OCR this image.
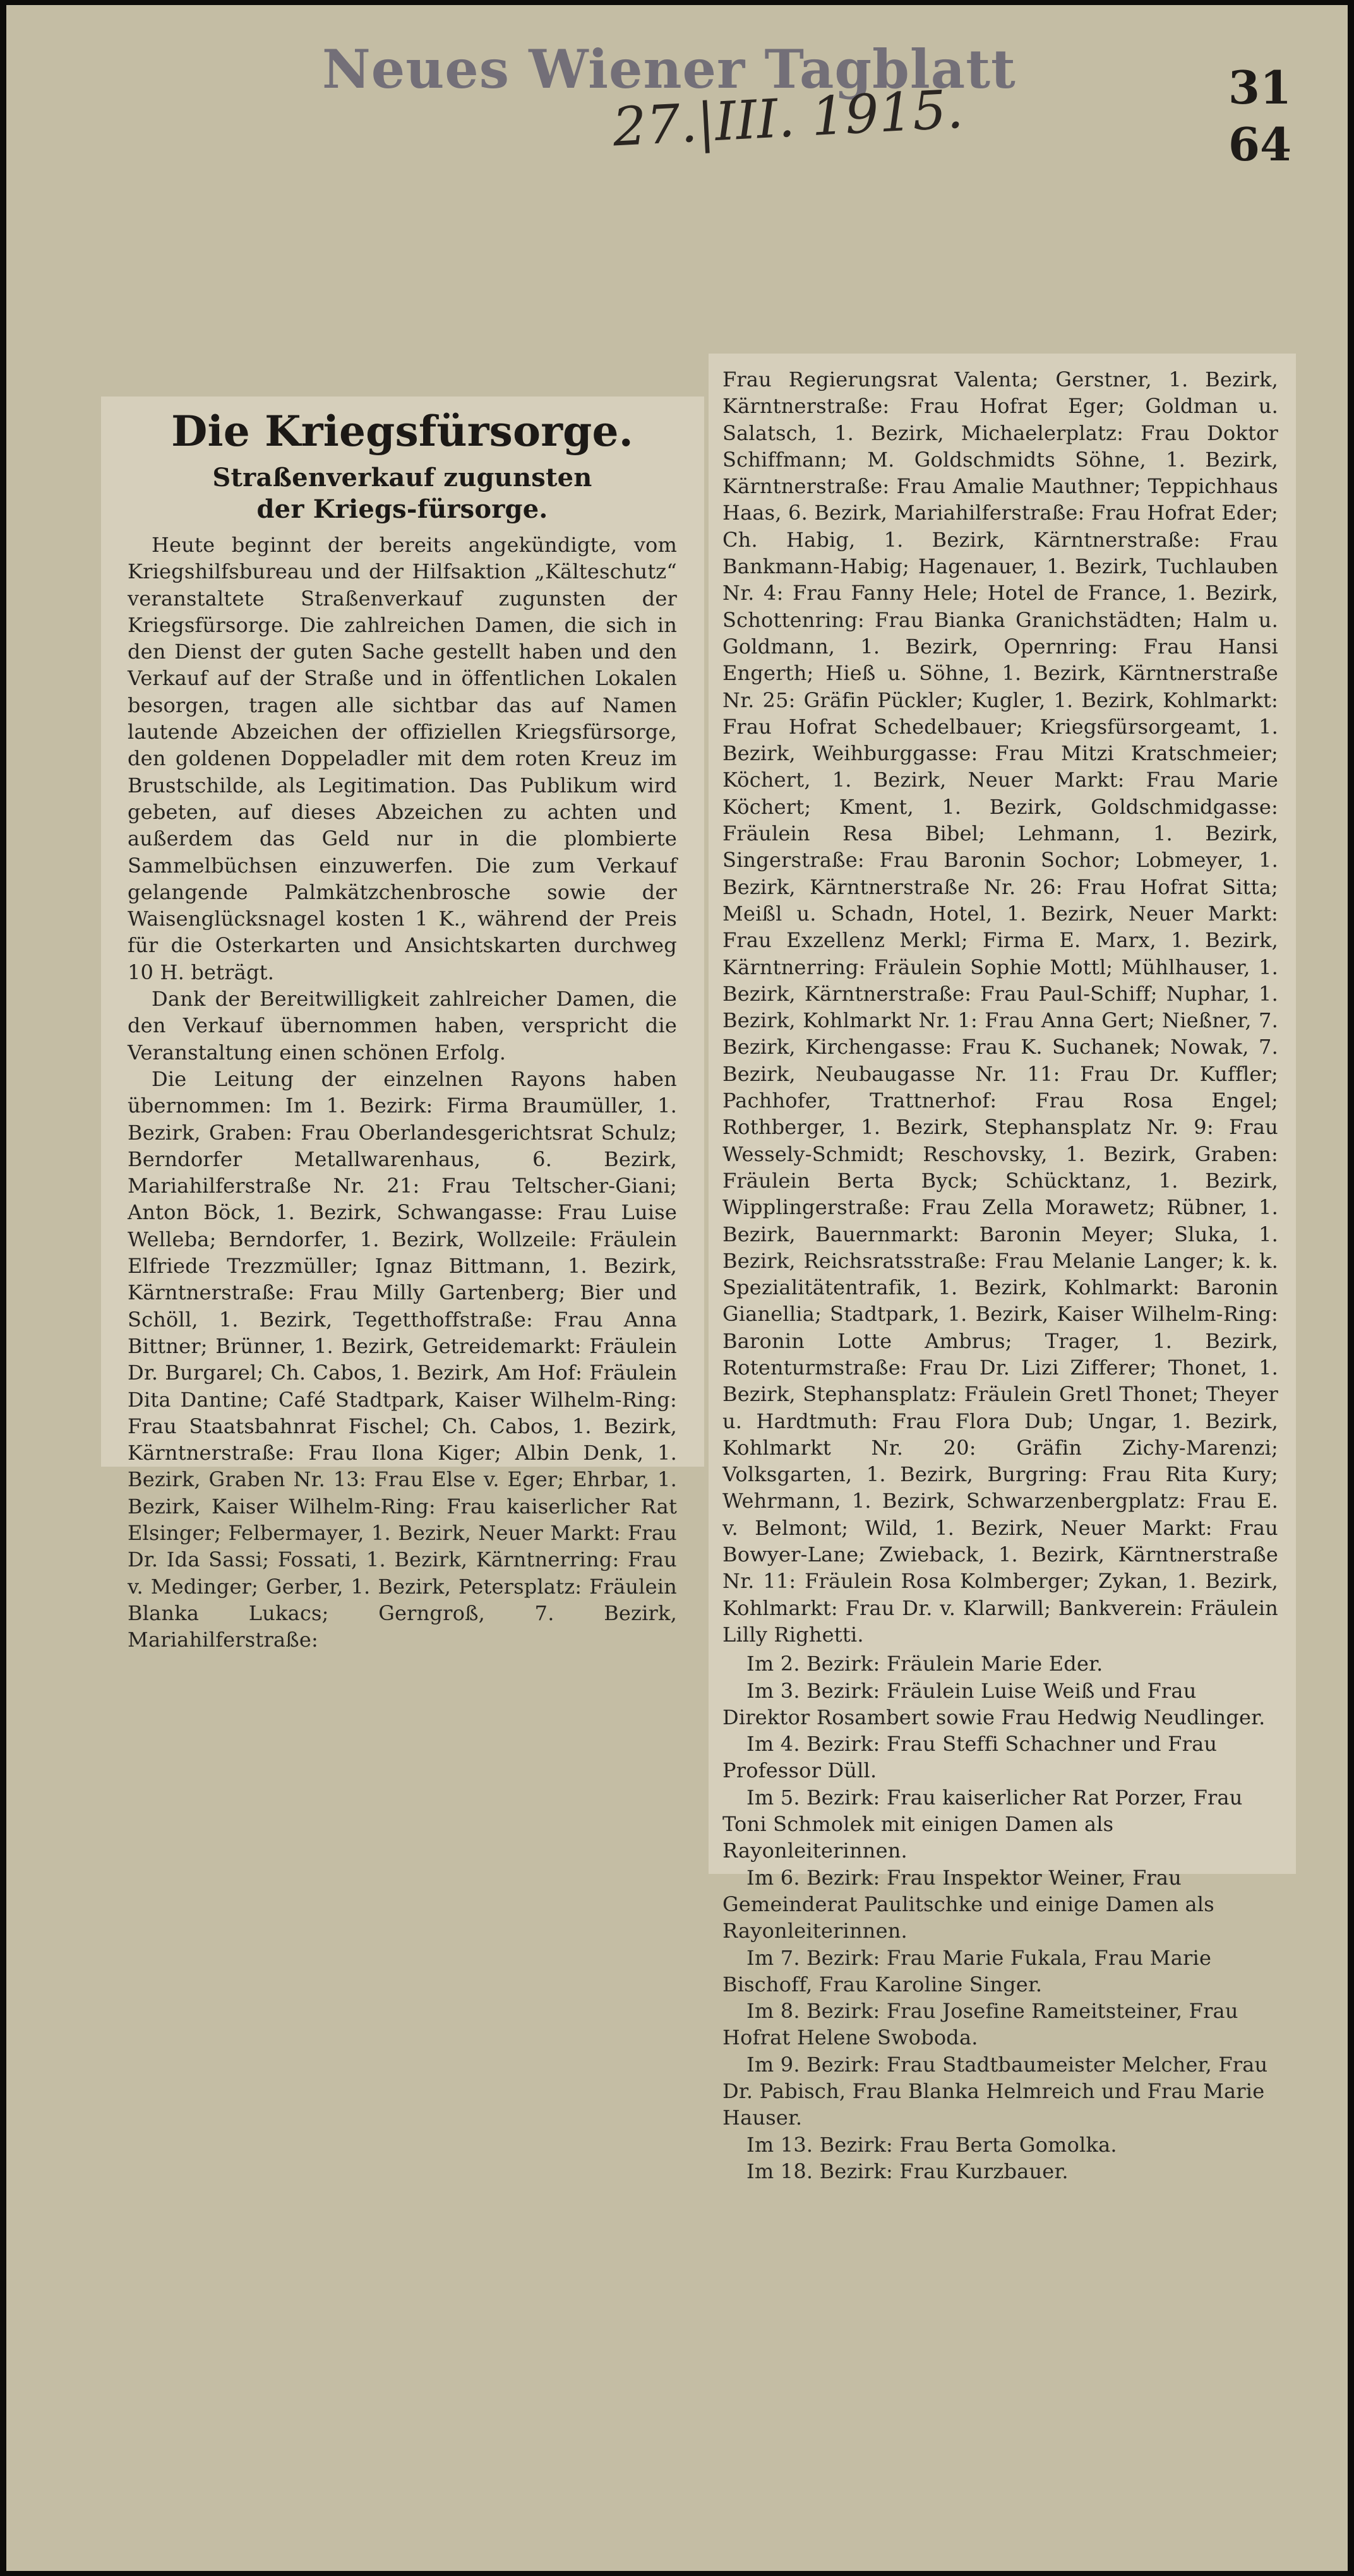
Neues Wiener Tagblatt
27.|III. 1915.	31
64
Die Kriegsfürsorge.
Straßenverkauf zugunsten der Kriegs-fürsorge.

Heute beginnt der bereits angekündigte, vom Kriegshilfsbureau und der Hilfsaktion „Kälteschutz“ veranstaltete Straßenverkauf zugunsten der Kriegsfürsorge. Die zahlreichen Damen, die sich in den Dienst der guten Sache gestellt haben und den Verkauf auf der Straße und in öffentlichen Lokalen besorgen, tragen alle sichtbar das auf Namen lautende Abzeichen der offiziellen Kriegsfürsorge, den goldenen Doppeladler mit dem roten Kreuz im Brustschilde, als Legitimation. Das Publikum wird gebeten, auf dieses Abzeichen zu achten und außerdem das Geld nur in die plombierte Sammelbüchsen einzuwerfen. Die zum Verkauf gelangende Palmkätzchenbrosche sowie der Waisenglücksnagel kosten 1 K., während der Preis für die Osterkarten und Ansichtskarten durchweg 10 H. beträgt.

Dank der Bereitwilligkeit zahlreicher Damen, die den Verkauf übernommen haben, verspricht die Veranstaltung einen schönen Erfolg.

Die Leitung der einzelnen Rayons haben übernommen: Im 1. Bezirk: Firma Braumüller, 1. Bezirk, Graben: Frau Oberlandesgerichtsrat Schulz; Berndorfer Metallwarenhaus, 6. Bezirk, Mariahilferstraße Nr. 21: Frau Teltscher-Giani; Anton Böck, 1. Bezirk, Schwangasse: Frau Luise Welleba; Berndorfer, 1. Bezirk, Wollzeile: Fräulein Elfriede Trezzmüller; Ignaz Bittmann, 1. Bezirk, Kärntnerstraße: Frau Milly Gartenberg; Bier und Schöll, 1. Bezirk, Tegetthoffstraße: Frau Anna Bittner; Brünner, 1. Bezirk, Getreidemarkt: Fräulein Dr. Burgarel; Ch. Cabos, 1. Bezirk, Am Hof: Fräulein Dita Dantine; Café Stadtpark, Kaiser Wilhelm-Ring: Frau Staatsbahnrat Fischel; Ch. Cabos, 1. Bezirk, Kärntnerstraße: Frau Ilona Kiger; Albin Denk, 1. Bezirk, Graben Nr. 13: Frau Else v. Eger; Ehrbar, 1. Bezirk, Kaiser Wilhelm-Ring: Frau kaiserlicher Rat Elsinger; Felbermayer, 1. Bezirk, Neuer Markt: Frau Dr. Ida Sassi; Fossati, 1. Bezirk, Kärntnerring: Frau v. Medinger; Gerber, 1. Bezirk, Petersplatz: Fräulein Blanka Lukacs; Gerngroß, 7. Bezirk, Mariahilferstraße:

Frau Regierungsrat Valenta; Gerstner, 1. Bezirk, Kärntnerstraße: Frau Hofrat Eger; Goldman u. Salatsch, 1. Bezirk, Michaelerplatz: Frau Doktor Schiffmann; M. Goldschmidts Söhne, 1. Bezirk, Kärntnerstraße: Frau Amalie Mauthner; Teppichhaus Haas, 6. Bezirk, Mariahilferstraße: Frau Hofrat Eder; Ch. Habig, 1. Bezirk, Kärntnerstraße: Frau Bankmann-Habig; Hagenauer, 1. Bezirk, Tuchlauben Nr. 4: Frau Fanny Hele; Hotel de France, 1. Bezirk, Schottenring: Frau Bianka Granichstädten; Halm u. Goldmann, 1. Bezirk, Opernring: Frau Hansi Engerth; Hieß u. Söhne, 1. Bezirk, Kärntnerstraße Nr. 25: Gräfin Pückler; Kugler, 1. Bezirk, Kohlmarkt: Frau Hofrat Schedelbauer; Kriegsfürsorgeamt, 1. Bezirk, Weihburggasse: Frau Mitzi Kratschmeier; Köchert, 1. Bezirk, Neuer Markt: Frau Marie Köchert; Kment, 1. Bezirk, Goldschmidgasse: Fräulein Resa Bibel; Lehmann, 1. Bezirk, Singerstraße: Frau Baronin Sochor; Lobmeyer, 1. Bezirk, Kärntnerstraße Nr. 26: Frau Hofrat Sitta; Meißl u. Schadn, Hotel, 1. Bezirk, Neuer Markt: Frau Exzellenz Merkl; Firma E. Marx, 1. Bezirk, Kärntnerring: Fräulein Sophie Mottl; Mühlhauser, 1. Bezirk, Kärntnerstraße: Frau Paul-Schiff; Nuphar, 1. Bezirk, Kohlmarkt Nr. 1: Frau Anna Gert; Nießner, 7. Bezirk, Kirchengasse: Frau K. Suchanek; Nowak, 7. Bezirk, Neubaugasse Nr. 11: Frau Dr. Kuffler; Pachhofer, Trattnerhof: Frau Rosa Engel; Rothberger, 1. Bezirk, Stephansplatz Nr. 9: Frau Wessely-Schmidt; Reschovsky, 1. Bezirk, Graben: Fräulein Berta Byck; Schücktanz, 1. Bezirk, Wipplingerstraße: Frau Zella Morawetz; Rübner, 1. Bezirk, Bauernmarkt: Baronin Meyer; Sluka, 1. Bezirk, Reichsratsstraße: Frau Melanie Langer; k. k. Spezialitätentrafik, 1. Bezirk, Kohlmarkt: Baronin Gianellia; Stadtpark, 1. Bezirk, Kaiser Wilhelm-Ring: Baronin Lotte Ambrus; Trager, 1. Bezirk, Rotenturmstraße: Frau Dr. Lizi Zifferer; Thonet, 1. Bezirk, Stephansplatz: Fräulein Gretl Thonet; Theyer u. Hardtmuth: Frau Flora Dub; Ungar, 1. Bezirk, Kohlmarkt Nr. 20: Gräfin Zichy-Marenzi; Volksgarten, 1. Bezirk, Burgring: Frau Rita Kury; Wehrmann, 1. Bezirk, Schwarzenbergplatz: Frau E. v. Belmont; Wild, 1. Bezirk, Neuer Markt: Frau Bowyer-Lane; Zwieback, 1. Bezirk, Kärntnerstraße Nr. 11: Fräulein Rosa Kolmberger; Zykan, 1. Bezirk, Kohlmarkt: Frau Dr. v. Klarwill; Bankverein: Fräulein Lilly Righetti.

Im 2. Bezirk: Fräulein Marie Eder.

Im 3. Bezirk: Fräulein Luise Weiß und Frau Direktor Rosambert sowie Frau Hedwig Neudlinger.

Im 4. Bezirk: Frau Steffi Schachner und Frau Professor Düll.

Im 5. Bezirk: Frau kaiserlicher Rat Porzer, Frau Toni Schmolek mit einigen Damen als Rayonleiterinnen.

Im 6. Bezirk: Frau Inspektor Weiner, Frau Gemeinderat Paulitschke und einige Damen als Rayonleiterinnen.

Im 7. Bezirk: Frau Marie Fukala, Frau Marie Bischoff, Frau Karoline Singer.

Im 8. Bezirk: Frau Josefine Rameitsteiner, Frau Hofrat Helene Swoboda.

Im 9. Bezirk: Frau Stadtbaumeister Melcher, Frau Dr. Pabisch, Frau Blanka Helmreich und Frau Marie Hauser.

Im 13. Bezirk: Frau Berta Gomolka.

Im 18. Bezirk: Frau Kurzbauer.
